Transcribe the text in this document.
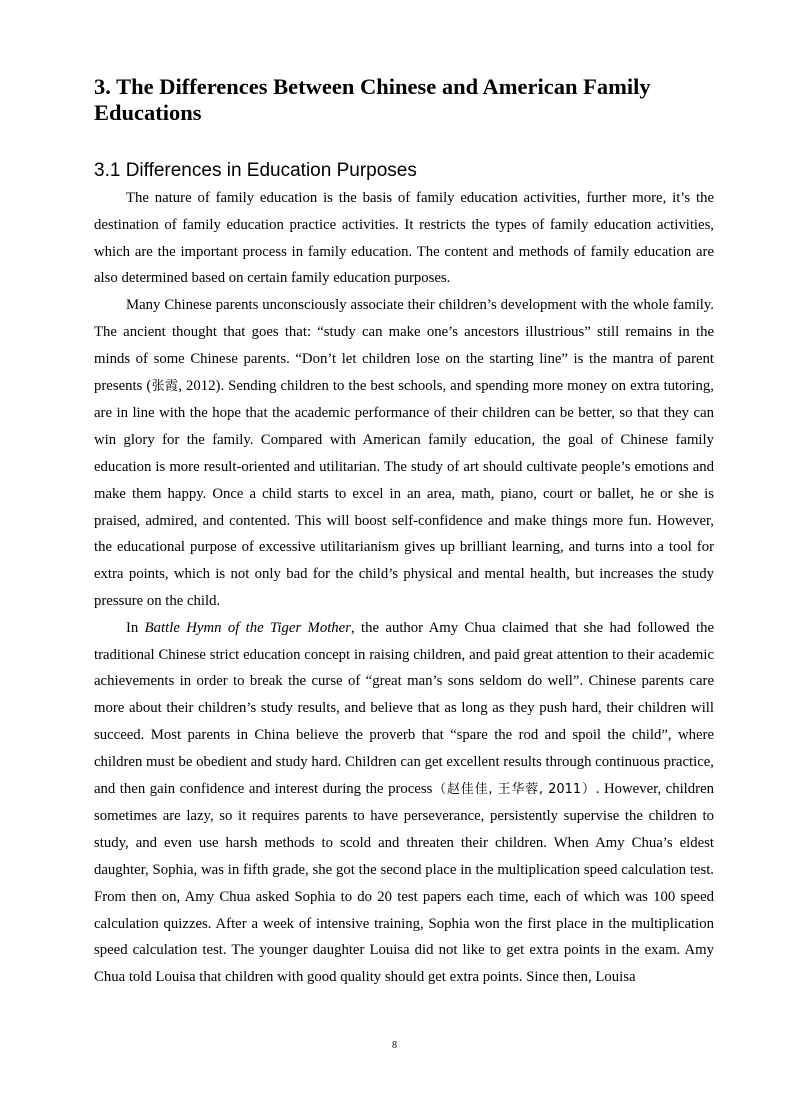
3. The Differences Between Chinese and American Family Educations
3.1 Differences in Education Purposes

The nature of family education is the basis of family education activities, further more, it’s the destination of family education practice activities. It restricts the types of family education activities, which are the important process in family education. The content and methods of family education are also determined based on certain family education purposes.

Many Chinese parents unconsciously associate their children’s development with the whole family. The ancient thought that goes that: “study can make one’s ancestors illustrious” still remains in the minds of some Chinese parents. “Don’t let children lose on the starting line” is the mantra of parent presents (张霞, 2012). Sending children to the best schools, and spending more money on extra tutoring, are in line with the hope that the academic performance of their children can be better, so that they can win glory for the family. Compared with American family education, the goal of Chinese family education is more result-oriented and utilitarian. The study of art should cultivate people’s emotions and make them happy. Once a child starts to excel in an area, math, piano, court or ballet, he or she is praised, admired, and contented. This will boost self-confidence and make things more fun. However, the educational purpose of excessive utilitarianism gives up brilliant learning, and turns into a tool for extra points, which is not only bad for the child’s physical and mental health, but increases the study pressure on the child.

In Battle Hymn of the Tiger Mother, the author Amy Chua claimed that she had followed the traditional Chinese strict education concept in raising children, and paid great attention to their academic achievements in order to break the curse of “great man’s sons seldom do well”. Chinese parents care more about their children’s study results, and believe that as long as they push hard, their children will succeed. Most parents in China believe the proverb that “spare the rod and spoil the child”, where children must be obedient and study hard. Children can get excellent results through continuous practice, and then gain confidence and interest during the process（赵佳佳, 王华蓉, 2011）. However, children sometimes are lazy, so it requires parents to have perseverance, persistently supervise the children to study, and even use harsh methods to scold and threaten their children. When Amy Chua’s eldest daughter, Sophia, was in fifth grade, she got the second place in the multiplication speed calculation test. From then on, Amy Chua asked Sophia to do 20 test papers each time, each of which was 100 speed calculation quizzes. After a week of intensive training, Sophia won the first place in the multiplication speed calculation test. The younger daughter Louisa did not like to get extra points in the exam. Amy Chua told Louisa that children with good quality should get extra points. Since then, Louisa

8
